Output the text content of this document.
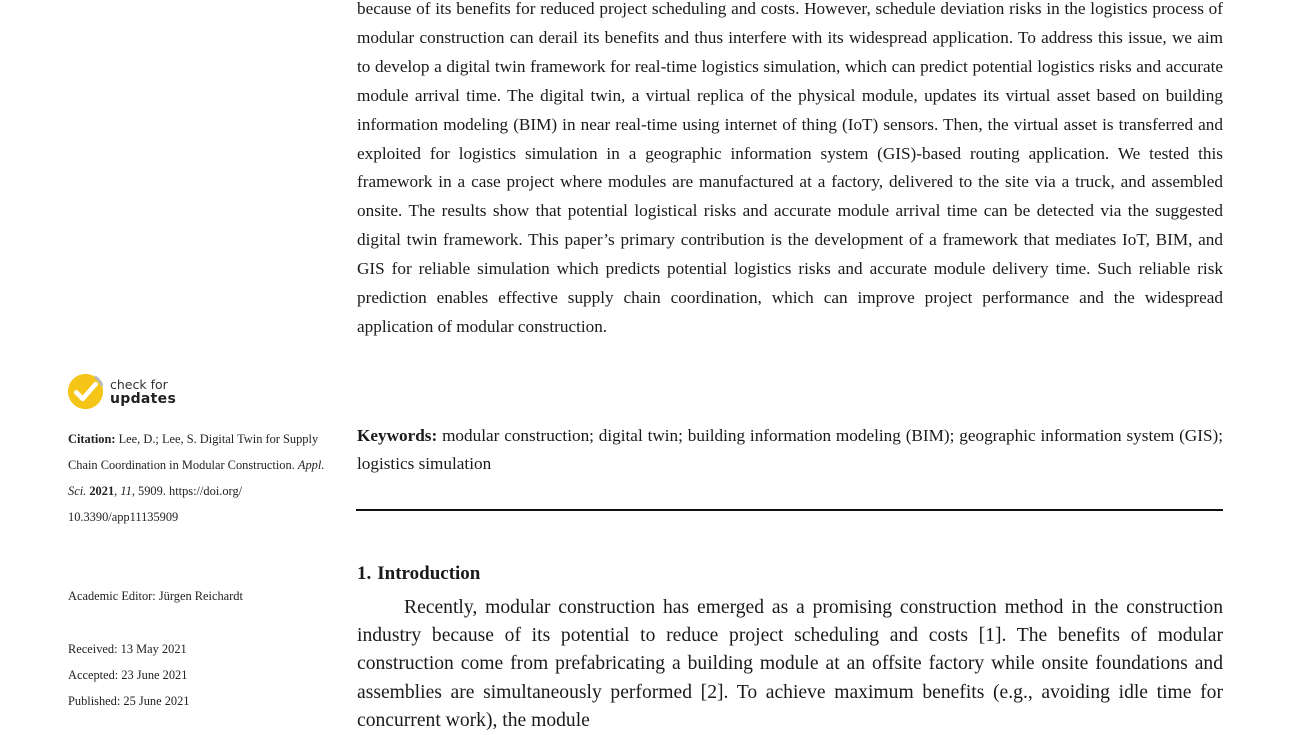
because of its benefits for reduced project scheduling and costs. However, schedule deviation risks in the logistics process of modular construction can derail its benefits and thus interfere with its widespread application. To address this issue, we aim to develop a digital twin framework for real-time logistics simulation, which can predict potential logistics risks and accurate module arrival time. The digital twin, a virtual replica of the physical module, updates its virtual asset based on building information modeling (BIM) in near real-time using internet of thing (IoT) sensors. Then, the virtual asset is transferred and exploited for logistics simulation in a geographic information system (GIS)-based routing application. We tested this framework in a case project where modules are manufactured at a factory, delivered to the site via a truck, and assembled onsite. The results show that potential logistical risks and accurate module arrival time can be detected via the suggested digital twin framework. This paper’s primary contribution is the development of a framework that mediates IoT, BIM, and GIS for reliable simulation which predicts potential logistics risks and accurate module delivery time. Such reliable risk prediction enables effective supply chain coordination, which can improve project performance and the widespread application of modular construction.

Keywords: modular construction; digital twin; building information modeling (BIM); geographic information system (GIS); logistics simulation

1. Introduction

Recently, modular construction has emerged as a promising construction method in the construction industry because of its potential to reduce project scheduling and costs [1]. The benefits of modular construction come from prefabricating a building module at an offsite factory while onsite foundations and assemblies are simultaneously performed [2]. To achieve maximum benefits (e.g., avoiding idle time for concurrent work), the module

check for
updates

Citation: Lee, D.; Lee, S. Digital Twin for Supply Chain Coordination in Modular Construction. Appl. Sci. 2021, 11, 5909. https://doi.org/ 10.3390/app11135909

Academic Editor: Jürgen Reichardt

Received: 13 May 2021

Accepted: 23 June 2021

Published: 25 June 2021
